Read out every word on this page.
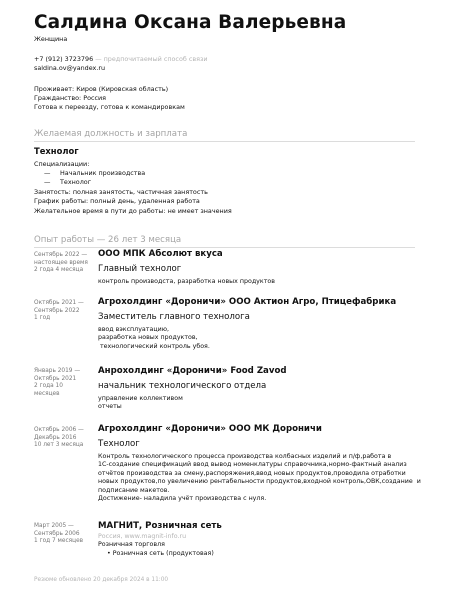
Салдина Оксана Валерьевна
Женщина
+7 (912) 3723796 — предпочитаемый способ связи
saldina.ov@yandex.ru
Проживает: Киров (Кировская область)
Гражданство: Россия
Готова к переезду, готова к командировкам
Желаемая должность и зарплата
Технолог
Специализации:
— Начальник производства
— Технолог
Занятость: полная занятость, частичная занятость
График работы: полный день, удаленная работа
Желательное время в пути до работы: не имеет значения
Опыт работы — 26 лет 3 месяца
Сентябрь 2022 — настоящее время
2 года 4 месяца
ООО МПК Абсолют вкуса
Главный технолог
контроль производста, разработка новых продуктов
Октябрь 2021 — Сентябрь 2022
1 год
Агрохолдинг «Дороничи» ООО Актион Агро, Птицефабрика
Заместитель главного технолога
ввод вэксплуатацию,
разработка новых продуктов,
технологический контроль убоя.
Январь 2019 — Октябрь 2021
2 года 10 месяцев
Анрохолдинг «Дороничи» Food Zavod
начальник технологического отдела
управление коллективом
отчеты
Октябрь 2006 — Декабрь 2016
10 лет 3 месяца
Агрохолдинг «Дороничи» ООО МК Дороничи
Технолог
Контроль технологического процесса производства колбасных изделий и п/ф,работа в
1С-создание спецификаций ввод вывод номенклатуры справочника,нормо-фактный анализ
отчётов производства за смену,распоряжения,ввод новых продуктов,проводила отработки
новых продуктов,по увеличению рентабельности продуктов,входной контроль,ОВК,создание  и
подписание макетов.
Достижение- наладила учёт производства с нуля.
Март 2005 — Сентябрь 2006
1 год 7 месяцев
МАГНИТ, Розничная сеть
Россия, www.magnit-info.ru
Розничная торговля
• Розничная сеть (продуктовая)
Резюме обновлено 20 декабря 2024 в 11:00
